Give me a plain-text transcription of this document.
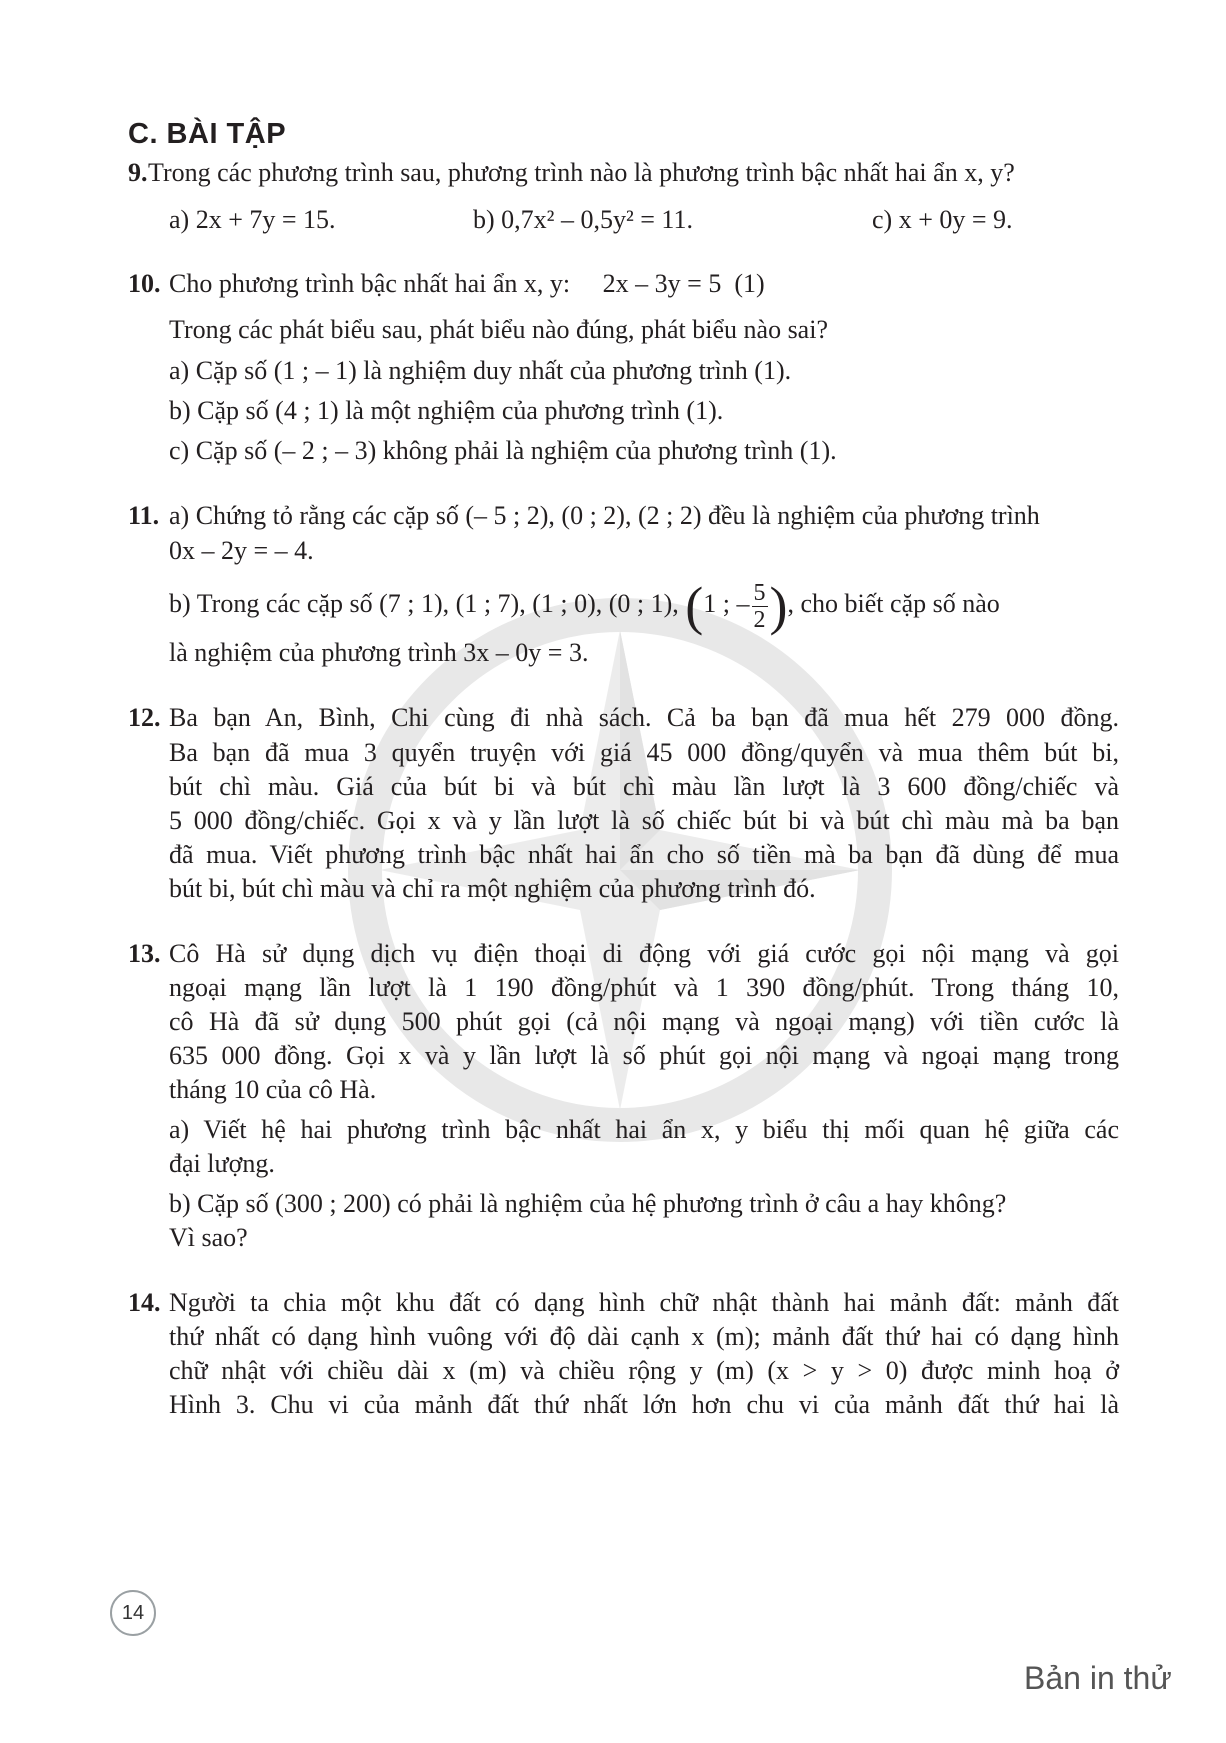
C. BÀI TẬP
9. Trong các phương trình sau, phương trình nào là phương trình bậc nhất hai ẩn x, y?
a) 2x + 7y = 15.	b) 0,7x² – 0,5y² = 11.	c) x + 0y = 9.
10. Cho phương trình bậc nhất hai ẩn x, y:     2x – 3y = 5  (1)
Trong các phát biểu sau, phát biểu nào đúng, phát biểu nào sai?
a) Cặp số (1 ; – 1) là nghiệm duy nhất của phương trình (1).
b) Cặp số (4 ; 1) là một nghiệm của phương trình (1).
c) Cặp số (– 2 ; – 3) không phải là nghiệm của phương trình (1).
11. a) Chứng tỏ rằng các cặp số (– 5 ; 2), (0 ; 2), (2 ; 2) đều là nghiệm của phương trình
0x – 2y = – 4.
b) Trong các cặp số (7 ; 1), (1 ; 7), (1 ; 0), (0 ; 1), (1 ; – $\frac{5}{2}$ ), cho biết cặp số nào
là nghiệm của phương trình 3x – 0y = 3.
12. Ba bạn An, Bình, Chi cùng đi nhà sách. Cả ba bạn đã mua hết 279 000 đồng.
Ba bạn đã mua 3 quyển truyện với giá 45 000 đồng/quyển và mua thêm bút bi,
bút chì màu. Giá của bút bi và bút chì màu lần lượt là 3 600 đồng/chiếc và
5 000 đồng/chiếc. Gọi x và y lần lượt là số chiếc bút bi và bút chì màu mà ba bạn
đã mua. Viết phương trình bậc nhất hai ẩn cho số tiền mà ba bạn đã dùng để mua
bút bi, bút chì màu và chỉ ra một nghiệm của phương trình đó.
13. Cô Hà sử dụng dịch vụ điện thoại di động với giá cước gọi nội mạng và gọi
ngoại mạng lần lượt là 1 190 đồng/phút và 1 390 đồng/phút. Trong tháng 10,
cô Hà đã sử dụng 500 phút gọi (cả nội mạng và ngoại mạng) với tiền cước là
635 000 đồng. Gọi x và y lần lượt là số phút gọi nội mạng và ngoại mạng trong
tháng 10 của cô Hà.
a) Viết hệ hai phương trình bậc nhất hai ẩn x, y biểu thị mối quan hệ giữa các
đại lượng.
b) Cặp số (300 ; 200) có phải là nghiệm của hệ phương trình ở câu a hay không?
Vì sao?
14. Người ta chia một khu đất có dạng hình chữ nhật thành hai mảnh đất: mảnh đất
thứ nhất có dạng hình vuông với độ dài cạnh x (m); mảnh đất thứ hai có dạng hình
chữ nhật với chiều dài x (m) và chiều rộng y (m) (x > y > 0) được minh hoạ ở
Hình 3. Chu vi của mảnh đất thứ nhất lớn hơn chu vi của mảnh đất thứ hai là
14
Bản in thử
